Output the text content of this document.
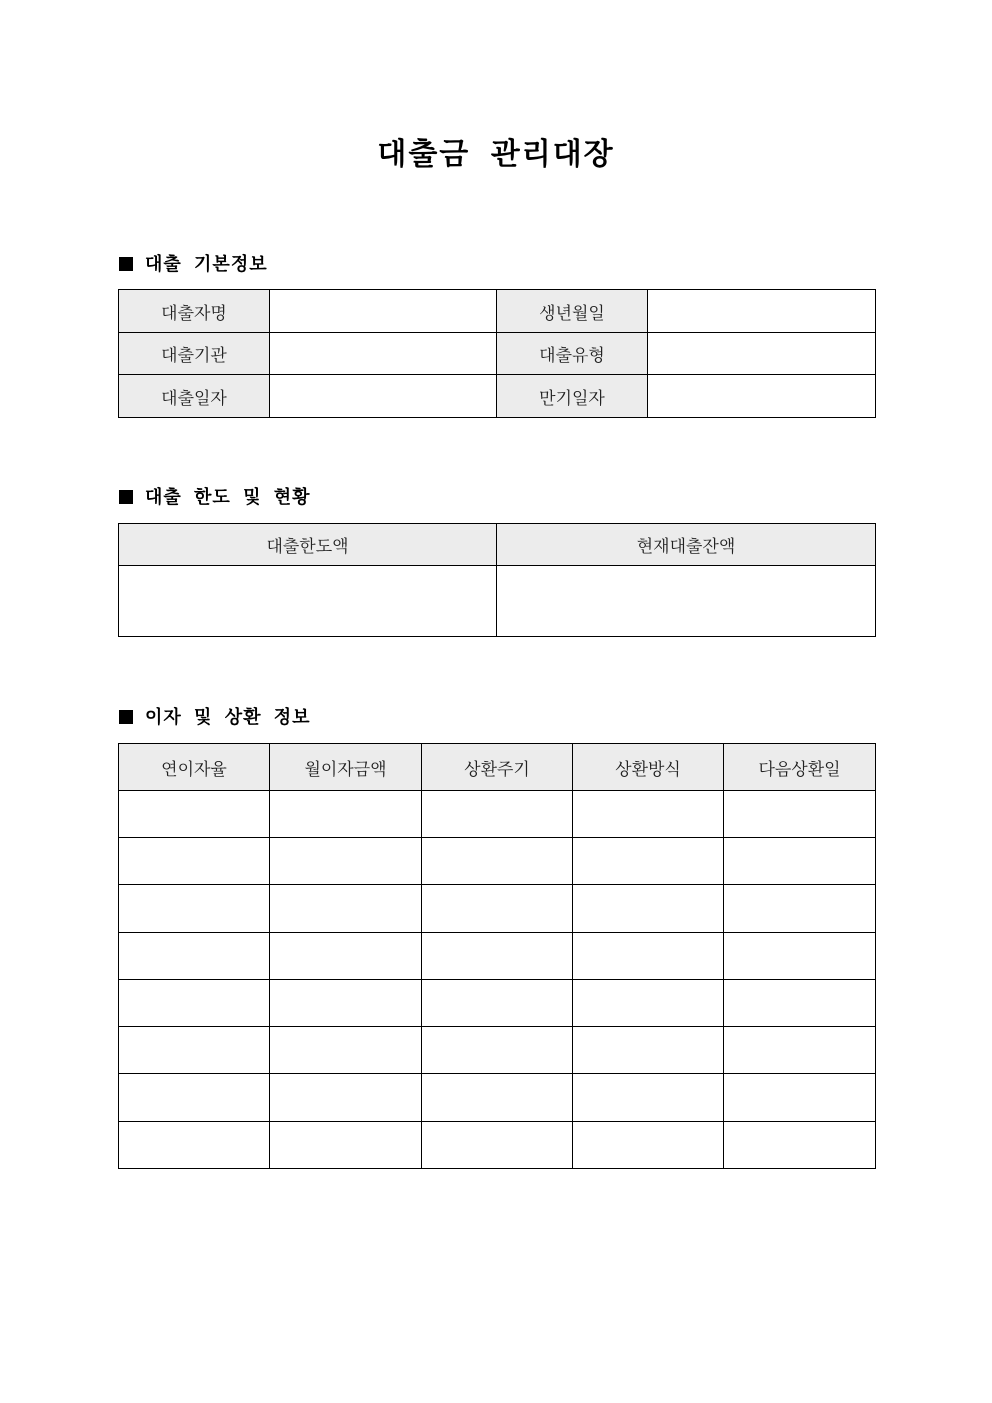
대출금 관리대장
대출 기본정보
대출자명		생년월일	
대출기관		대출유형	
대출일자		만기일자	
대출 한도 및 현황
대출한도액	현재대출잔액

이자 및 상환 정보
연이자율	월이자금액	상환주기	상환방식	다음상환일
